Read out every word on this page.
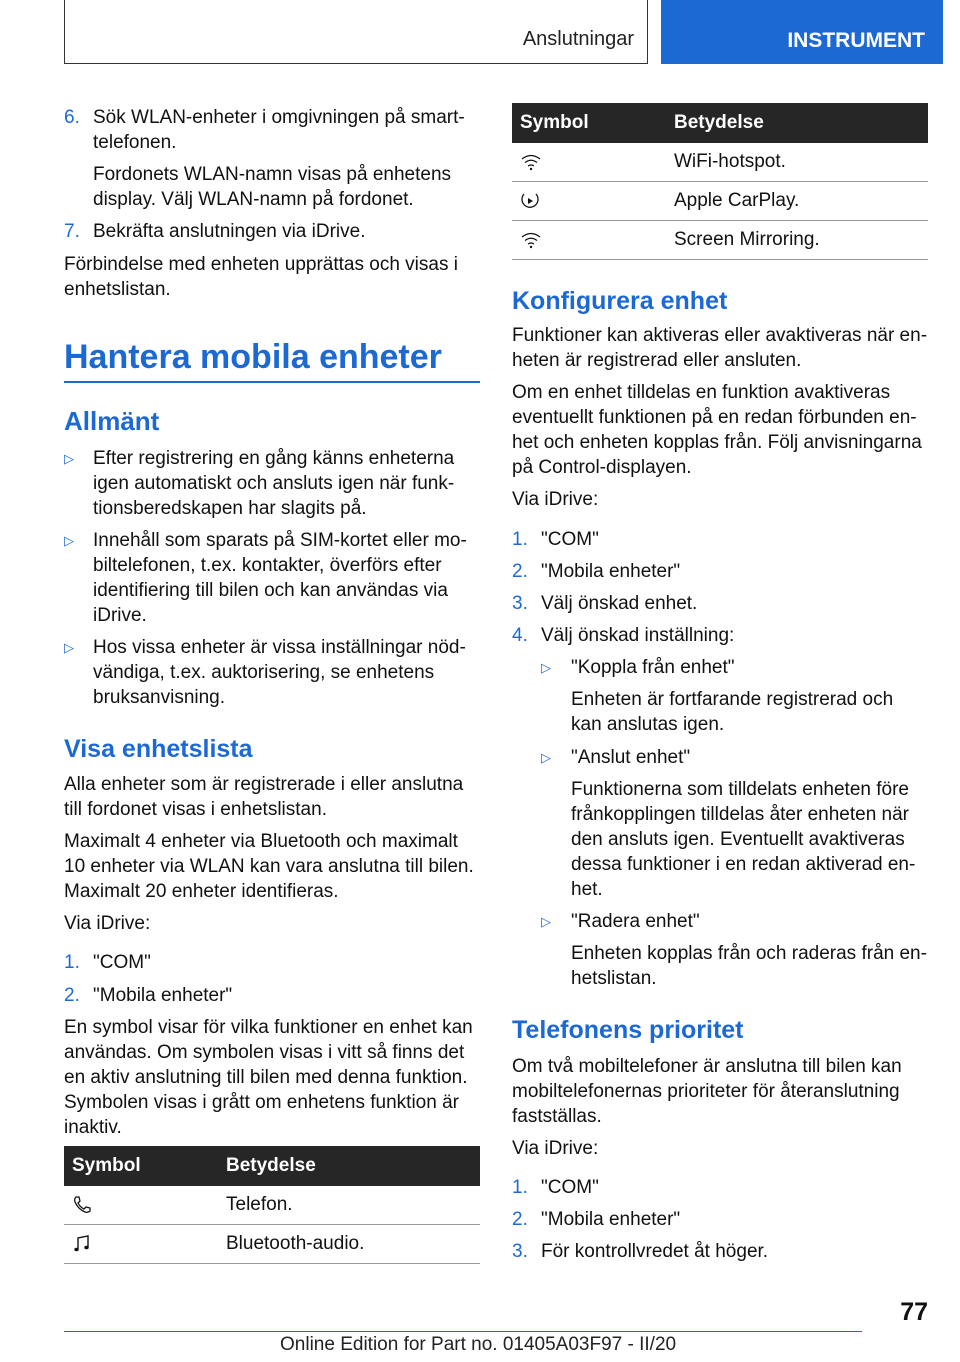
Anslutningar	INSTRUMENT
6. Sök WLAN-enheter i omgivningen på smart-

telefonen.

Fordonets WLAN-namn visas på enhetens

display. Välj WLAN-namn på fordonet.

7. Bekräfta anslutningen via iDrive.

Förbindelse med enheten upprättas och visas i

enhetslistan.

Hantera mobila enheter
Allmänt
▷ Efter registrering en gång känns enheterna

igen automatiskt och ansluts igen när funk-

tionsberedskapen har slagits på.

▷ Innehåll som sparats på SIM-kortet eller mo-

biltelefonen, t.ex. kontakter, överförs efter

identifiering till bilen och kan användas via

iDrive.

▷ Hos vissa enheter är vissa inställningar nöd-

vändiga, t.ex. auktorisering, se enhetens

bruksanvisning.

Visa enhetslista

Alla enheter som är registrerade i eller anslutna

till fordonet visas i enhetslistan.

Maximalt 4 enheter via Bluetooth och maximalt

10 enheter via WLAN kan vara anslutna till bilen.

Maximalt 20 enheter identifieras.

Via iDrive:

1. "COM"

2. "Mobila enheter"

En symbol visar för vilka funktioner en enhet kan

användas. Om symbolen visas i vitt så finns det

en aktiv anslutning till bilen med denna funktion.

Symbolen visas i grått om enhetens funktion är

inaktiv.

Symbol	Betydelse

	Telefon.

	Bluetooth-audio.
Symbol	Betydelse

	WiFi-hotspot.

	Apple CarPlay.

	Screen Mirroring.
Konfigurera enhet

Funktioner kan aktiveras eller avaktiveras när en-

heten är registrerad eller ansluten.

Om en enhet tilldelas en funktion avaktiveras

eventuellt funktionen på en redan förbunden en-

het och enheten kopplas från. Följ anvisningarna

på Control-displayen.

Via iDrive:

1. "COM"

2. "Mobila enheter"

3. Välj önskad enhet.

4. Välj önskad inställning:

▷ "Koppla från enhet"

Enheten är fortfarande registrerad och

kan anslutas igen.

▷ "Anslut enhet"

Funktionerna som tilldelats enheten före

frånkopplingen tilldelas åter enheten när

den ansluts igen. Eventuellt avaktiveras

dessa funktioner i en redan aktiverad en-

het.

▷ "Radera enhet"

Enheten kopplas från och raderas från en-

hetslistan.

Telefonens prioritet

Om två mobiltelefoner är anslutna till bilen kan

mobiltelefonernas prioriteter för återanslutning

fastställas.

Via iDrive:

1. "COM"

2. "Mobila enheter"

3. För kontrollvredet åt höger.

77
Online Edition for Part no. 01405A03F97 - II/20
